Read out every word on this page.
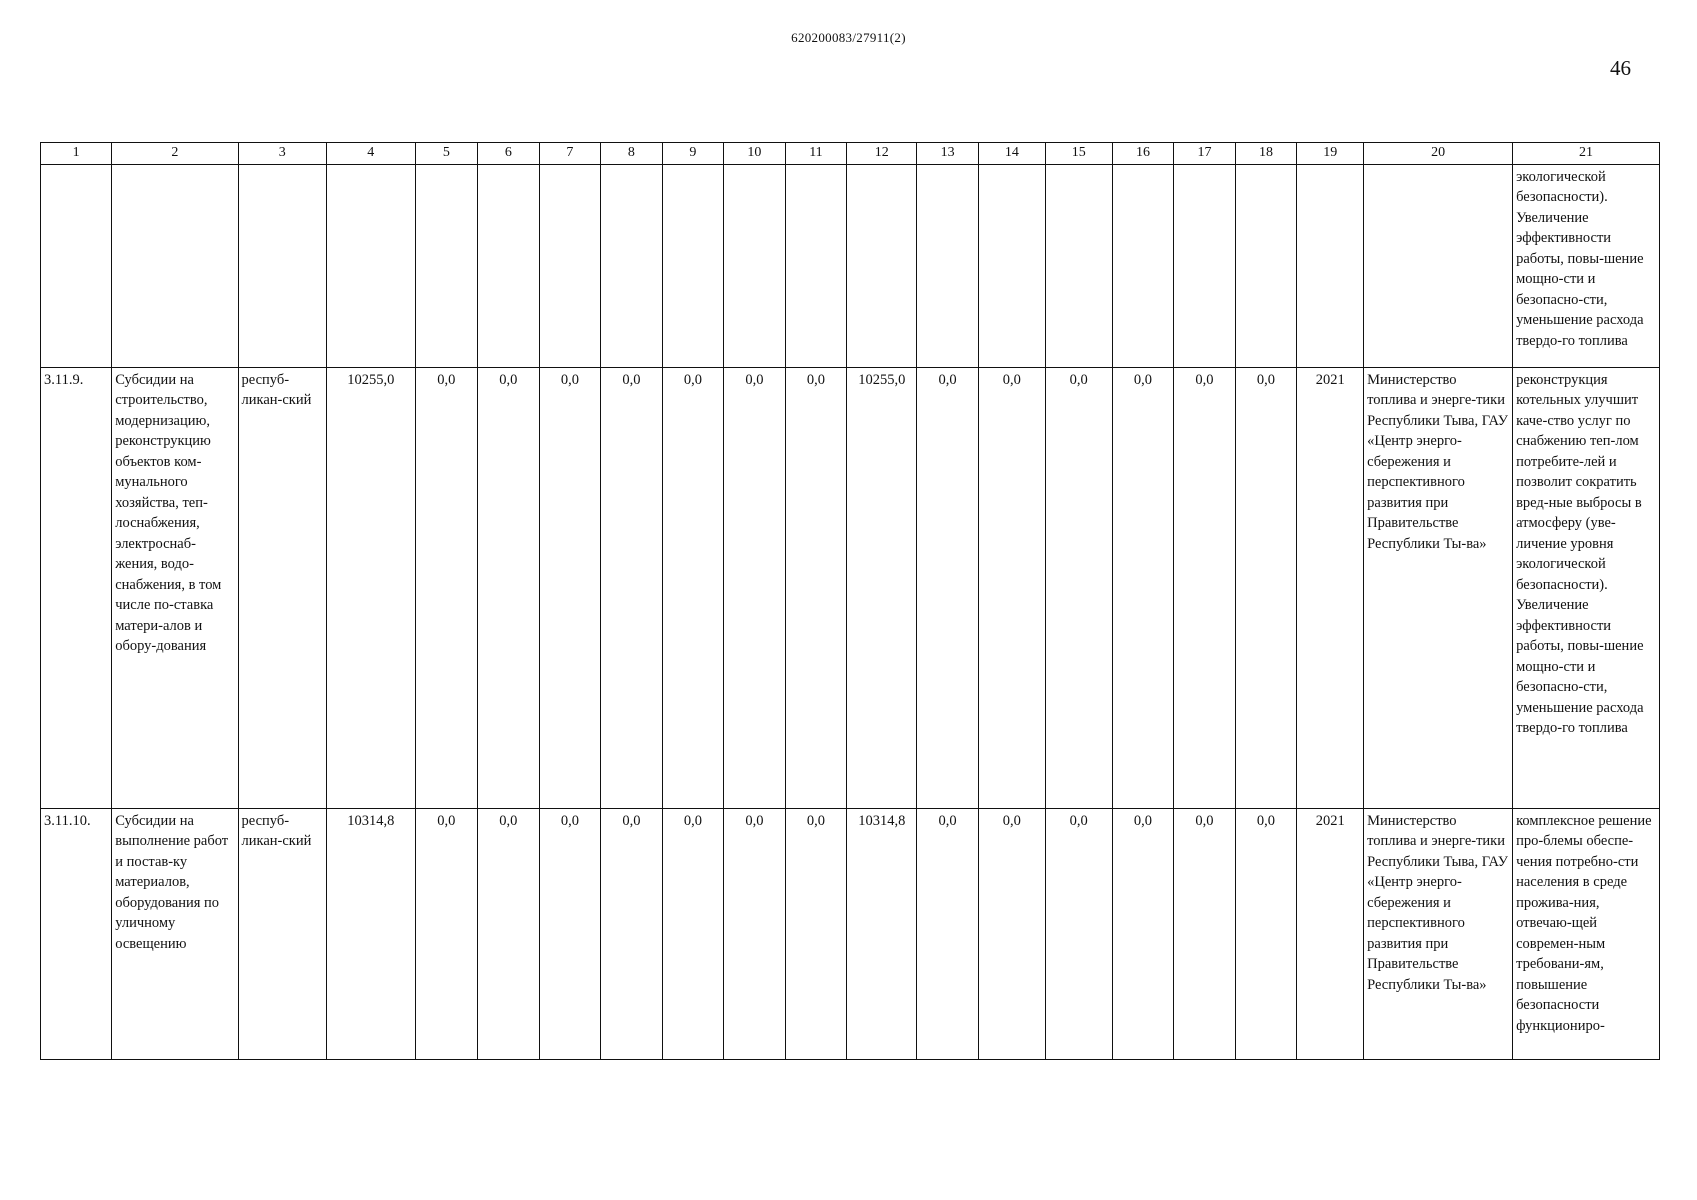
620200083/27911(2)
46
1	2	3	4	5	6	7	8	9	10	11	12	13	14	15	16	17	18	19	20	21
																				экологической безопасности). Увеличение эффективности работы, повы-шение мощно-сти и безопасно-сти, уменьшение расхода твердо-го топлива
3.11.9.	Субсидии на строительство, модернизацию, реконструкцию объектов ком-мунального хозяйства, теп-лоснабжения, электроснаб-жения, водо-снабжения, в том числе по-ставка матери-алов и обору-дования	респуб-ликан-ский	10255,0	0,0	0,0	0,0	0,0	0,0	0,0	0,0	10255,0	0,0	0,0	0,0	0,0	0,0	0,0	2021	Министерство топлива и энерге-тики Республики Тыва, ГАУ «Центр энерго-сбережения и перспективного развития при Правительстве Республики Ты-ва»	реконструкция котельных улучшит каче-ство услуг по снабжению теп-лом потребите-лей и позволит сократить вред-ные выбросы в атмосферу (уве-личение уровня экологической безопасности). Увеличение эффективности работы, повы-шение мощно-сти и безопасно-сти, уменьшение расхода твердо-го топлива
3.11.10.	Субсидии на выполнение работ и постав-ку материалов, оборудования по уличному освещению	респуб-ликан-ский	10314,8	0,0	0,0	0,0	0,0	0,0	0,0	0,0	10314,8	0,0	0,0	0,0	0,0	0,0	0,0	2021	Министерство топлива и энерге-тики Республики Тыва, ГАУ «Центр энерго-сбережения и перспективного развития при Правительстве Республики Ты-ва»	комплексное решение про-блемы обеспе-чения потребно-сти населения в среде прожива-ния, отвечаю-щей современ-ным требовани-ям, повышение безопасности функциониро-
